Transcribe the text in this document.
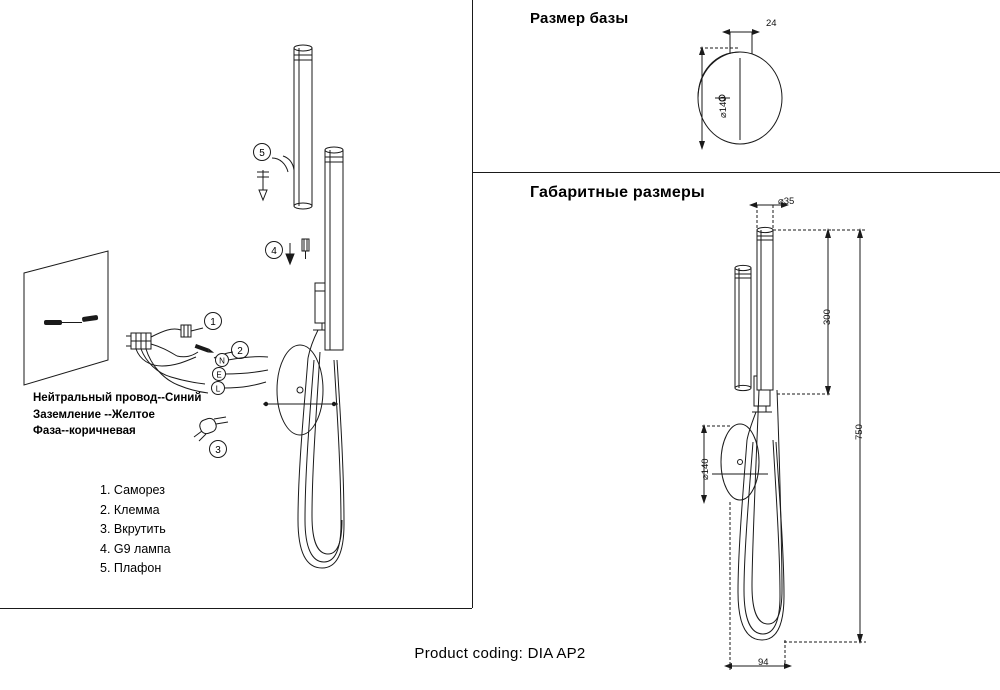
1
2
N
E
L
3
5
4
Нейтральный провод--Синий
Заземление --Желтое
Фаза--коричневая
1. Саморез
2. Клемма
3. Вкрутить
4. G9 лампа
5. Плафон
Размер базы
⌀140
24
Габаритные размеры
⌀35
300
750
⌀140
94
Product coding: DIA AP2
